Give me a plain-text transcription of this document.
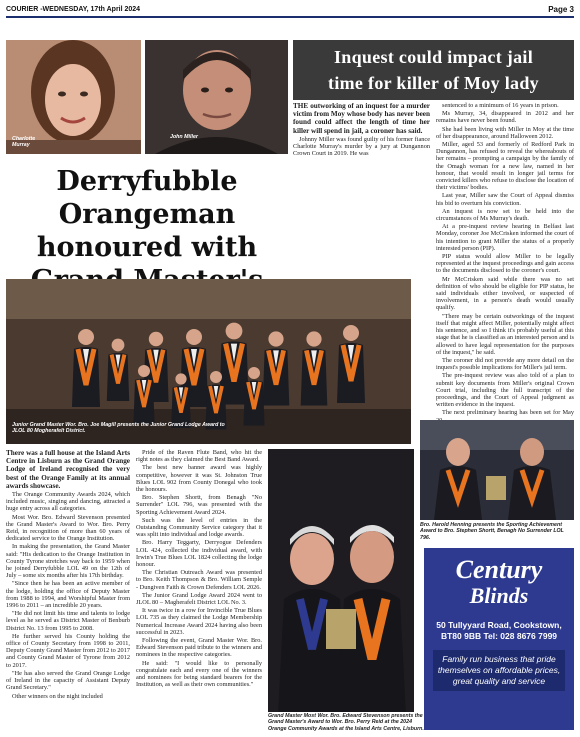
COURIER -WEDNESDAY, 17th April 2024	Page 3
Charlotte Murray
John Miller
Inquest could impact jail
time for killer of Moy lady

THE outworking of an inquest for a murder victim from Moy whose body has never been found could affect the length of time her killer will spend in jail, a coroner has said.

Johnny Miller was found guilty of his former fiance Charlotte Murray's murder by a jury at Dungannon Crown Court in 2019. He was

sentenced to a minimum of 16 years in prison.

Ms Murray, 34, disappeared in 2012 and her remains have never been found.

She had been living with Miller in Moy at the time of her disappearance, around Halloween 2012.

Miller, aged 53 and formerly of Redford Park in Dungannon, has refused to reveal the whereabouts of her remains – prompting a campaign by the family of the Omagh woman for a new law, named in her honour, that would result in longer jail terms for convicted killers who refuse to disclose the location of their victims' bodies.

Last year, Miller saw the Court of Appeal dismiss his bid to overturn his conviction.

An inquest is now set to be held into the circumstances of Ms Murray's death.

At a pre-inquest review hearing in Belfast last Monday, coroner Joe McCrisken informed the court of his intention to grant Miller the status of a properly interested person (PIP).

PIP status would allow Miller to be legally represented at the inquest proceedings and gain access to the documents disclosed to the coroner's court.

Mr McCrisken said while there was no set definition of who should be eligible for PIP status, he said individuals either involved, or suspected of involvement, in a person's death would usually qualify.

"There may be certain outworkings of the inquest itself that might affect Miller, potentially might affect his sentence, and so I think it's probably useful at this stage that he is classified as an interested person and is allowed to have legal representation for the purposes of the inquest," he said.

The coroner did not provide any more detail on the inquest's possible implications for Miller's jail term.

The pre-inquest review was also told of a plan to submit key documents from Miller's original Crown Court trial, including the full transcript of the proceedings, and the Court of Appeal judgment as written evidence in the inquest.

The next preliminary hearing has been set for May

Derryfubble Orangeman honoured with
Junior Grand Master Wor. Bro. Joe Magill presents the Junior Grand Lodge Award to JLOL 80 Mogherafelt District.

There was a full house at the Island Arts Centre in Lisburn as the Grand Orange Lodge of Ireland recognised the very best of the Orange Family at its annual awards showcase.

The Orange Community Awards 2024, which included music, singing and dancing, attracted a huge entry across all categories.

Most Wor. Bro. Edward Stevenson presented the Grand Master's Award to Wor. Bro. Perry Reid, in recognition of more than 60 years of dedicated service to the Orange Institution.

In making the presentation, the Grand Master said: "His dedication to the Orange Institution in County Tyrone stretches way back to 1959 when he joined Derryfubble LOL 49 on the 12th of July – some six months after his 17th birthday.

"Since then he has been an active member of the lodge, holding the office of Deputy Master from 1988 to 1994, and Worshipful Master from 1996 to 2011 – an incredible 20 years.

"He did not limit his time and talents to lodge level as he served as District Master of Benburb District No. 13 from 1995 to 2008.

He further served his County holding the office of County Secretary from 1998 to 2011, Deputy County Grand Master from 2012 to 2017 and County Grand Master of Tyrone from 2012 to 2017.

"He has also served the Grand Orange Lodge of Ireland in the capacity of Assistant Deputy Grand Secretary."

Other winners on the night included

Pride of the Raven Flute Band, who hit the right notes as they claimed the Best Band Award.

The best new banner award was highly competitive, however it was St. Johnston True Blues LOL 902 from County Donegal who took the honours.

Bro. Stephen Shortt, from Benagh "No Surrender" LOL 796, was presented with the Sporting Achievement Award 2024.

Such was the level of entries in the Outstanding Community Service category that it was split into individual and lodge awards.

Bro. Harry Teggarty, Derryogue Defenders LOL 424, collected the individual award, with Irwin's True Blues LOL 1824 collecting the lodge honour.

The Christian Outreach Award was presented to Bro. Keith Thompson & Bro. William Semple - Dungiven Faith & Crown Defenders LOL 2026.

The Junior Grand Lodge Award 2024 went to JLOL 80 – Magherafelt District LOL No. 3.

It was twice in a row for Invincible True Blues LOL 735 as they claimed the Lodge Membership Numerical Increase Award 2024 having also been successful in 2023.

Following the event, Grand Master Wor. Bro. Edward Stevenson paid tribute to the winners and nominees in the respective categories.

He said: "I would like to personally congratulate each and every one of the winners and nominees for being standard bearers for the Institution, as well as their own communities."

Grand Master Most Wor. Bro. Edward Stevenson presents the Grand Master's Award to Wor. Bro. Perry Reid at the 2024 Orange Community Awards at the Island Arts Centre, Lisburn.
Bro. Harold Henning presents the Sporting Achievement Award to Bro. Stephen Shortt, Benagh No Surrender LOL 796.
Century
Blinds
50 Tullyyard Road, Cookstown,
BT80 9BB Tel: 028 8676 7999
Family run business that pride themselves on affordable prices, great quality and service
